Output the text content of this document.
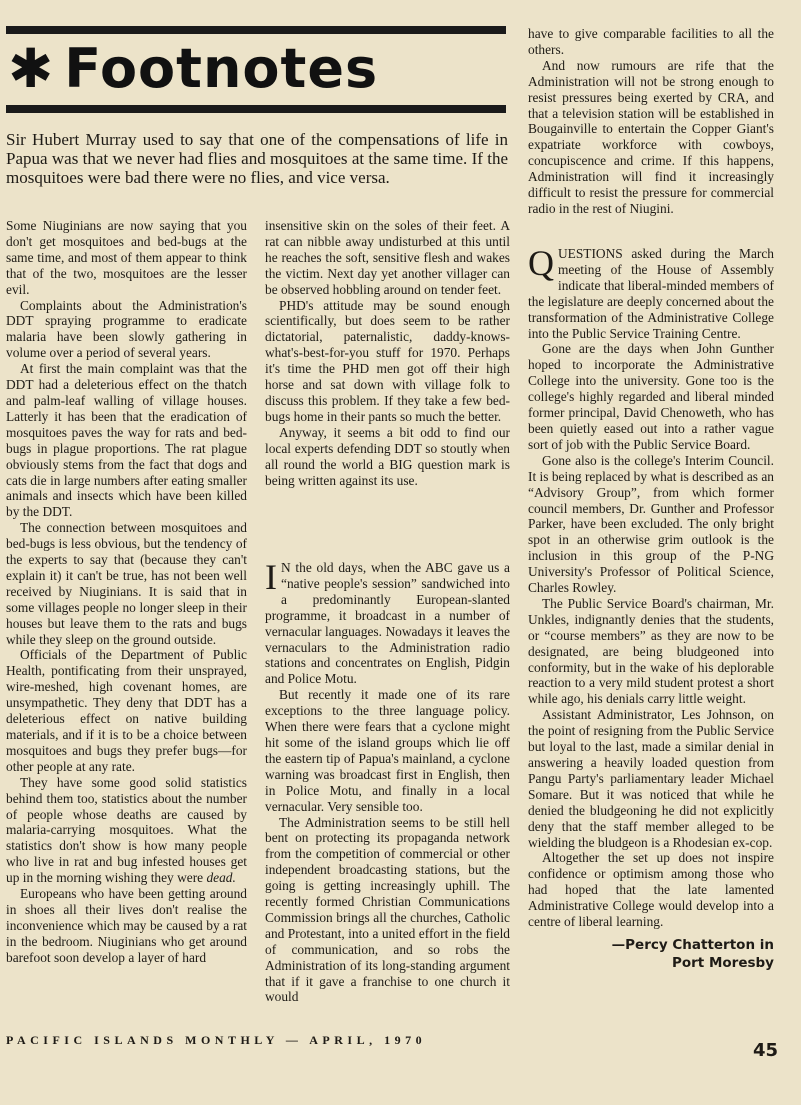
✱ Footnotes

Sir Hubert Murray used to say that one of the compensations of life in Papua was that we never had flies and mosquitoes at the same time. If the mosquitoes were bad there were no flies, and vice versa.

Some Niuginians are now saying that you don't get mosquitoes and bed-bugs at the same time, and most of them appear to think that of the two, mosquitoes are the lesser evil.

Complaints about the Administration's DDT spraying programme to eradicate malaria have been slowly gathering in volume over a period of several years.

At first the main complaint was that the DDT had a deleterious effect on the thatch and palm-leaf walling of village houses. Latterly it has been that the eradication of mosquitoes paves the way for rats and bed-bugs in plague proportions. The rat plague obviously stems from the fact that dogs and cats die in large numbers after eating smaller animals and insects which have been killed by the DDT.

The connection between mosquitoes and bed-bugs is less obvious, but the tendency of the experts to say that (because they can't explain it) it can't be true, has not been well received by Niuginians. It is said that in some villages people no longer sleep in their houses but leave them to the rats and bugs while they sleep on the ground outside.

Officials of the Department of Public Health, pontificating from their unsprayed, wire-meshed, high covenant homes, are unsympathetic. They deny that DDT has a deleterious effect on native building materials, and if it is to be a choice between mosquitoes and bugs they prefer bugs—for other people at any rate.

They have some good solid statistics behind them too, statistics about the number of people whose deaths are caused by malaria-carrying mosquitoes. What the statistics don't show is how many people who live in rat and bug infested houses get up in the morning wishing they were dead.

Europeans who have been getting around in shoes all their lives don't realise the inconvenience which may be caused by a rat in the bedroom. Niuginians who get around barefoot soon develop a layer of hard

insensitive skin on the soles of their feet. A rat can nibble away undisturbed at this until he reaches the soft, sensitive flesh and wakes the victim. Next day yet another villager can be observed hobbling around on tender feet.

PHD's attitude may be sound enough scientifically, but does seem to be rather dictatorial, paternalistic, daddy-knows-what's-best-for-you stuff for 1970. Perhaps it's time the PHD men got off their high horse and sat down with village folk to discuss this problem. If they take a few bed-bugs home in their pants so much the better.

Anyway, it seems a bit odd to find our local experts defending DDT so stoutly when all round the world a BIG question mark is being written against its use.

I N the old days, when the ABC gave us a “native people's session” sandwiched into a predominantly European-slanted programme, it broadcast in a number of vernacular languages. Nowadays it leaves the vernaculars to the Administration radio stations and concentrates on English, Pidgin and Police Motu.

But recently it made one of its rare exceptions to the three language policy. When there were fears that a cyclone might hit some of the island groups which lie off the eastern tip of Papua's mainland, a cyclone warning was broadcast first in English, then in Police Motu, and finally in a local vernacular. Very sensible too.

The Administration seems to be still hell bent on protecting its propaganda network from the competition of commercial or other independent broadcasting stations, but the going is getting increasingly uphill. The recently formed Christian Communications Commission brings all the churches, Catholic and Protestant, into a united effort in the field of communication, and so robs the Administration of its long-standing argument that if it gave a franchise to one church it would

have to give comparable facilities to all the others.

And now rumours are rife that the Administration will not be strong enough to resist pressures being exerted by CRA, and that a television station will be established in Bougainville to entertain the Copper Giant's expatriate workforce with cowboys, concupiscence and crime. If this happens, Administration will find it increasingly difficult to resist the pressure for commercial radio in the rest of Niugini.

QUESTIONS asked during the March meeting of the House of Assembly indicate that liberal-minded members of the legislature are deeply concerned about the transformation of the Administrative College into the Public Service Training Centre.

Gone are the days when John Gunther hoped to incorporate the Administrative College into the university. Gone too is the college's highly regarded and liberal minded former principal, David Chenoweth, who has been quietly eased out into a rather vague sort of job with the Public Service Board.

Gone also is the college's Interim Council. It is being replaced by what is described as an “Advisory Group”, from which former council members, Dr. Gunther and Professor Parker, have been excluded. The only bright spot in an otherwise grim outlook is the inclusion in this group of the P-NG University's Professor of Political Science, Charles Rowley.

The Public Service Board's chairman, Mr. Unkles, indignantly denies that the students, or “course members” as they are now to be designated, are being bludgeoned into conformity, but in the wake of his deplorable reaction to a very mild student protest a short while ago, his denials carry little weight.

Assistant Administrator, Les Johnson, on the point of resigning from the Public Service but loyal to the last, made a similar denial in answering a heavily loaded question from Pangu Party's parliamentary leader Michael Somare. But it was noticed that while he denied the bludgeoning he did not explicitly deny that the staff member alleged to be wielding the bludgeon is a Rhodesian ex-cop.

Altogether the set up does not inspire confidence or optimism among those who had hoped that the late lamented Administrative College would develop into a centre of liberal learning.

—Percy Chatterton in
Port Moresby
PACIFIC ISLANDS MONTHLY — APRIL, 1970	45
